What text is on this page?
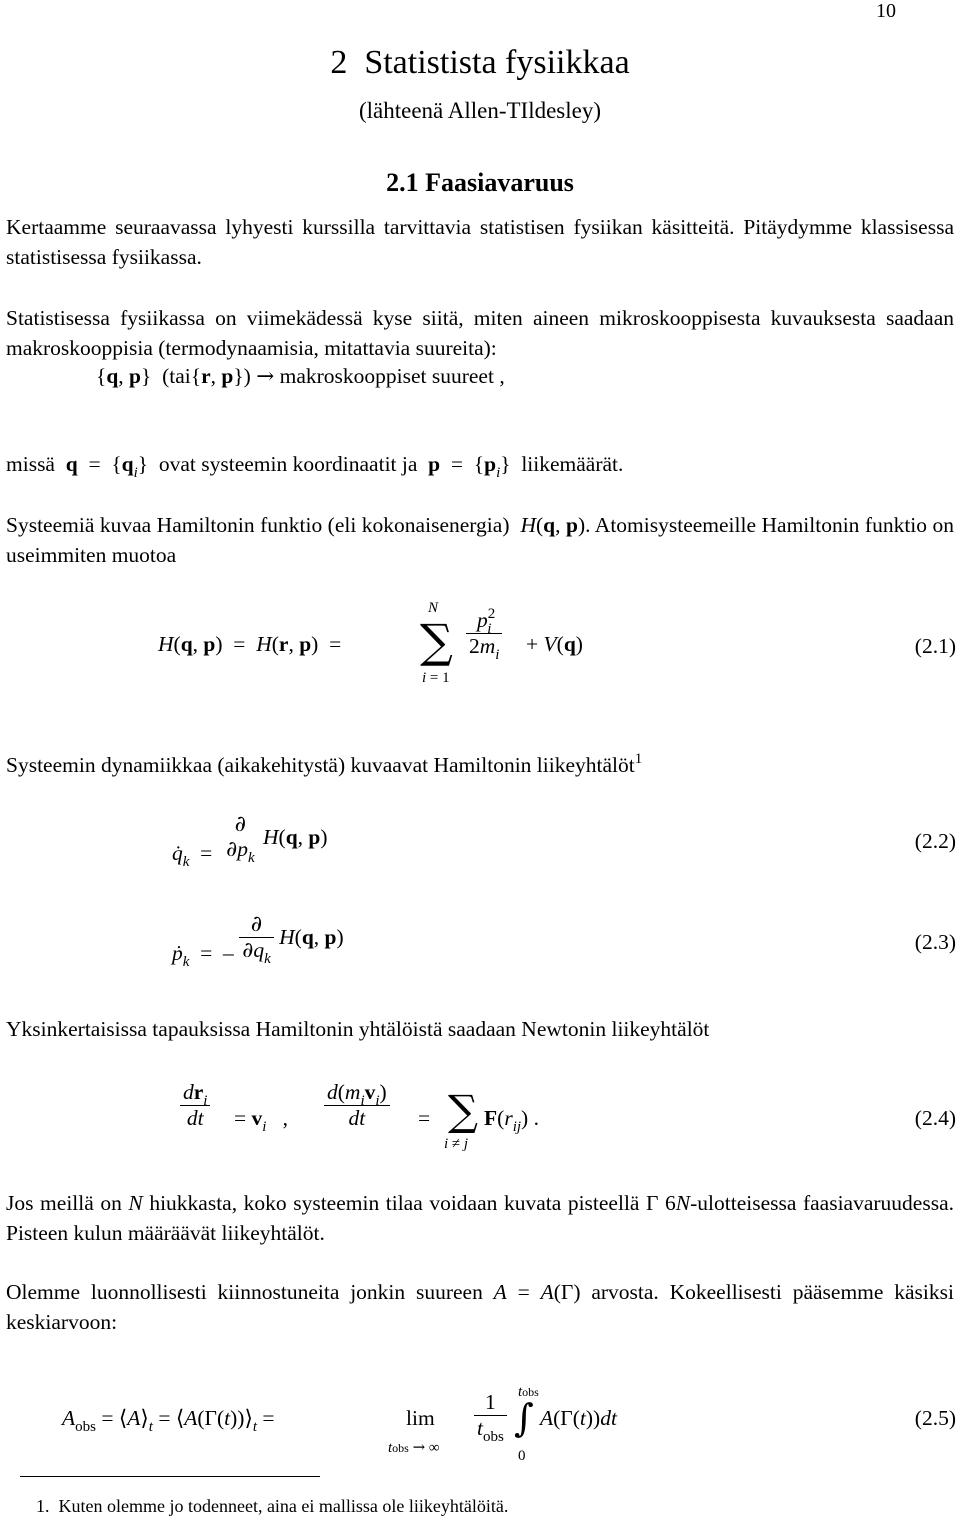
10
2 Statistista fysiikkaa
(lähteenä Allen-TIldesley)
2.1 Faasiavaruus

Kertaamme seuraavassa lyhyesti kurssilla tarvittavia statistisen fysiikan käsitteitä. Pitäydymme klassisessa statistisessa fysiikassa.

Statistisessa fysiikassa on viimekädessä kyse siitä, miten aineen mikroskooppisesta kuvauksesta saadaan makroskooppisia (termodynaamisia, mitattavia suureita):

{q, p}  (tai{r, p}) → makroskooppiset suureet ,
missä $q = \{q_i\}$  ovat systeemin koordinaatit ja $p = \{p_i\}$  liikemäärät.

Systeemiä kuvaa Hamiltonin funktio (eli kokonaisenergia) H(q, p). Atomisysteemeille Hamiltonin funktio on useimmiten muotoa

H(q, p)  =  H(r, p)  =
N
∑
i = 1
$\frac{p^2_i}{2m_i} + V(q)$	(2.1)
Systeemin dynamiikkaa (aikakehitystä) kuvaavat Hamiltonin liikeyhtälöt$^1$
$q̇_k$  =
∂
$\partial p_k$
H(q, p)	(2.2)
ṗ$_k$  =  – $\frac{\partial}{\partial q_k} H(q$, p)	(2.3)

Yksinkertaisissa tapauksissa Hamiltonin yhtälöistä saadaan Newtonin liikeyhtälöt

$dr_i$
dt	= $v_i$   ,
$d(m_iv_i)$
dt	= ∑
i ≠ j
$F(r_{ij})$ .	(2.4)

Jos meillä on N hiukkasta, koko systeemin tilaa voidaan kuvata pisteellä Γ 6N-ulotteisessa faasiavaruudessa. Pisteen kulun määräävät liikeyhtälöt.

Olemme luonnollisesti kiinnostuneita jonkin suureen A = A(Γ) arvosta. Kokeellisesti pääsemme käsiksi keskiarvoon:

$A_{obs}$ = $⟨A⟩_t$ = $⟨A(\Gamma(t))⟩_t$ =	lim
tobs → ∞
1
$t_{obs}$
tobs
∫
0
A(Γ(t))dt	(2.5)
1. Kuten olemme jo todenneet, aina ei mallissa ole liikeyhtälöitä.
